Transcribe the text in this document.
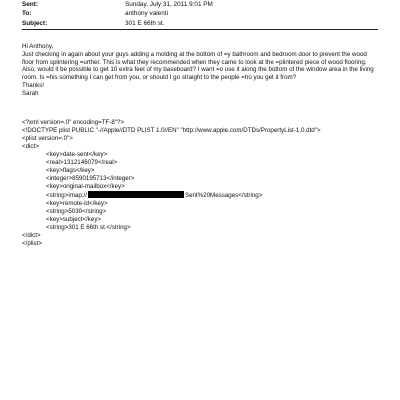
Sent:	Sunday, July 31, 2011 9:01 PM
To:	anthony valenti
Subject:	301 E 66th st.

Hi Anthony,

Just checking in again about your guys adding a molding at the bottom of =y bathroom and bedroom door to prevent the wood floor from splintering =urther. This is what they recommended when they came to look at the =plintered piece of wood flooring.

Also, would it be possible to get 10 extra feet of my baseboard? I want =o use it along the bottom of the window area in the living room. Is =his something I can get from you, or should I go straight to the people =ho you get it from?

Thanks!

Sarah

<?xml version=.0" encoding=TF-8"?>
<!DOCTYPE plist PUBLIC "-//Apple//DTD PLIST 1.0//EN" "http://www.apple.com/DTDs/PropertyList-1.0.dtd">
<plist version=.0">
<dict>
<key>date-sent</key>
<real>1312146079</real>
<key>flags</key>
<integer>8590195713</integer>
<key>original-mailbox</key>
<string>imap://	Sent%20Messages</string>
<key>remote-id</key>
<string>5030</string>
<key>subject</key>
<string>301 E 66th st.</string>
</dict>
</plist>
